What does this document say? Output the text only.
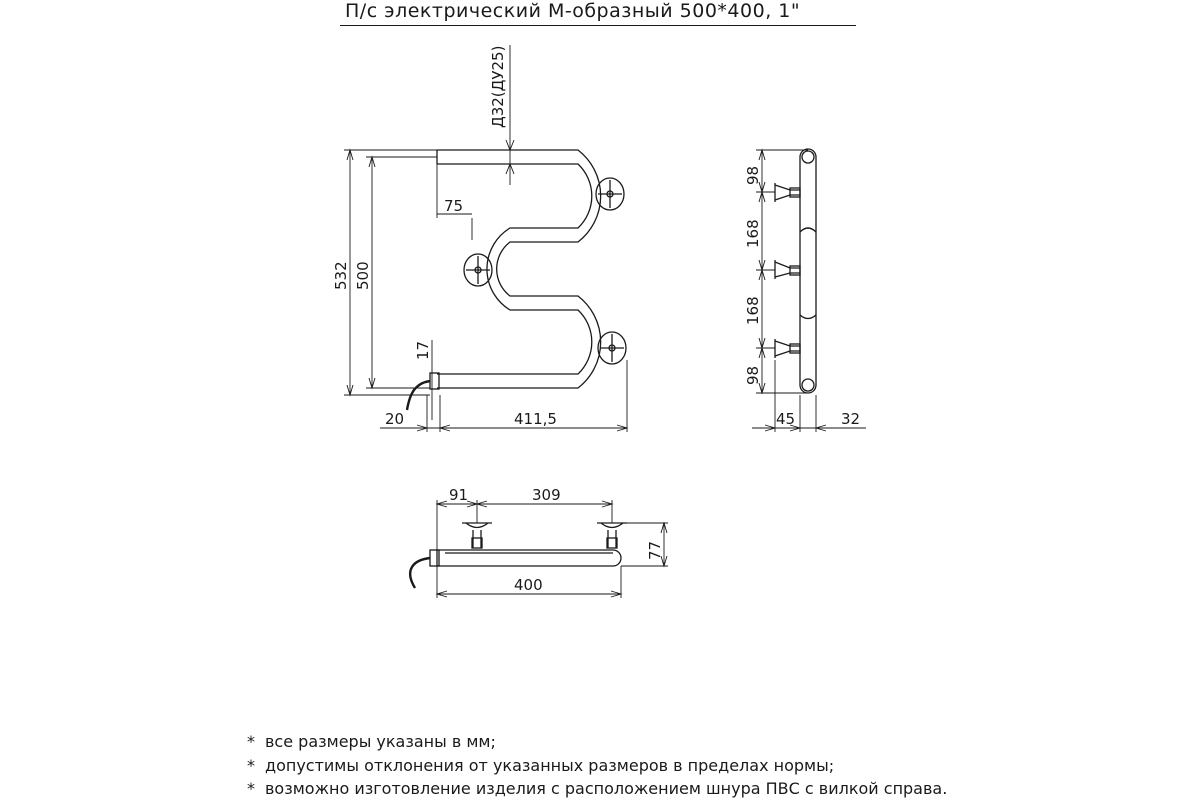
П/с электрический М-образный 500*400, 1"
Д32(ДУ25)
532 500
75
17
20	411,5
98
168
168
98
45	32
91	309
77
400
* все размеры указаны в мм;
* допустимы отклонения от указанных размеров в пределах нормы;
* возможно изготовление изделия с расположением шнура ПВС с вилкой справа.
